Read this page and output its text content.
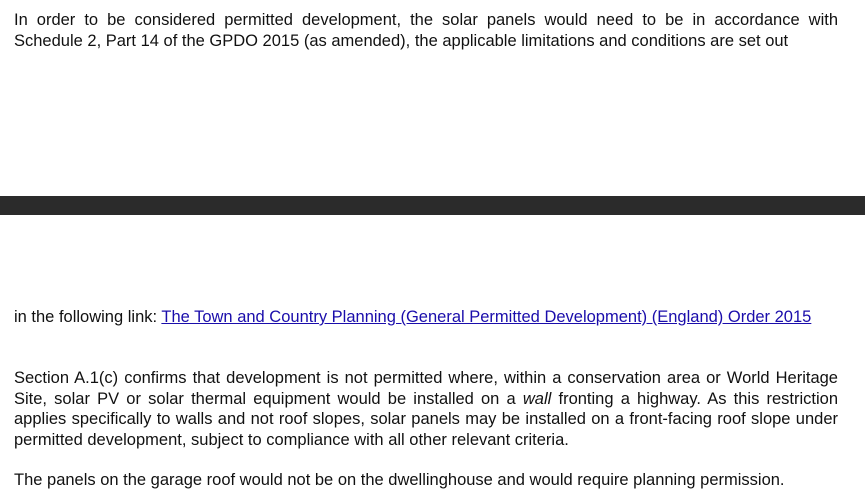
In order to be considered permitted development, the solar panels would need to be in accordance with Schedule 2, Part 14 of the GPDO 2015 (as amended), the applicable limitations and conditions are set out

in the following link: The Town and Country Planning (General Permitted Development) (England) Order 2015

Section A.1(c) confirms that development is not permitted where, within a conservation area or World Heritage Site, solar PV or solar thermal equipment would be installed on a wall fronting a highway. As this restriction applies specifically to walls and not roof slopes, solar panels may be installed on a front-facing roof slope under permitted development, subject to compliance with all other relevant criteria.

The panels on the garage roof would not be on the dwellinghouse and would require planning permission.
